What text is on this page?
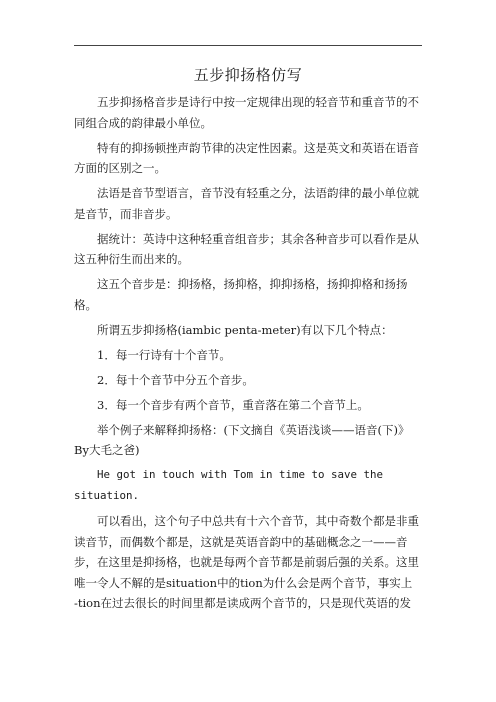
五步抑扬格仿写

五步抑扬格音步是诗行中按一定规律出现的轻音节和重音节的不同组合成的韵律最小单位。

特有的抑扬顿挫声韵节律的决定性因素。这是英文和英语在语音方面的区别之一。

法语是音节型语言，音节没有轻重之分，法语韵律的最小单位就是音节，而非音步。

据统计：英诗中这种轻重音组音步；其余各种音步可以看作是从这五种衍生而出来的。

这五个音步是：抑扬格，扬抑格，抑抑扬格，扬抑抑格和扬扬格。

所谓五步抑扬格(iambic penta-meter)有以下几个特点：

1．每一行诗有十个音节。

2．每十个音节中分五个音步。

3．每一个音步有两个音节，重音落在第二个音节上。

举个例子来解释抑扬格：(下文摘自《英语浅谈——语音(下)》By大毛之爸)

He got in touch with Tom in time to save the situation.

可以看出，这个句子中总共有十六个音节，其中奇数个都是非重读音节，而偶数个都是，这就是英语音韵中的基础概念之一——音步，在这里是抑扬格，也就是每两个音节都是前弱后强的关系。这里唯一令人不解的是situation中的tion为什么会是两个音节，事实上

-tion在过去很长的时间里都是读成两个音节的，只是现代英语的发
